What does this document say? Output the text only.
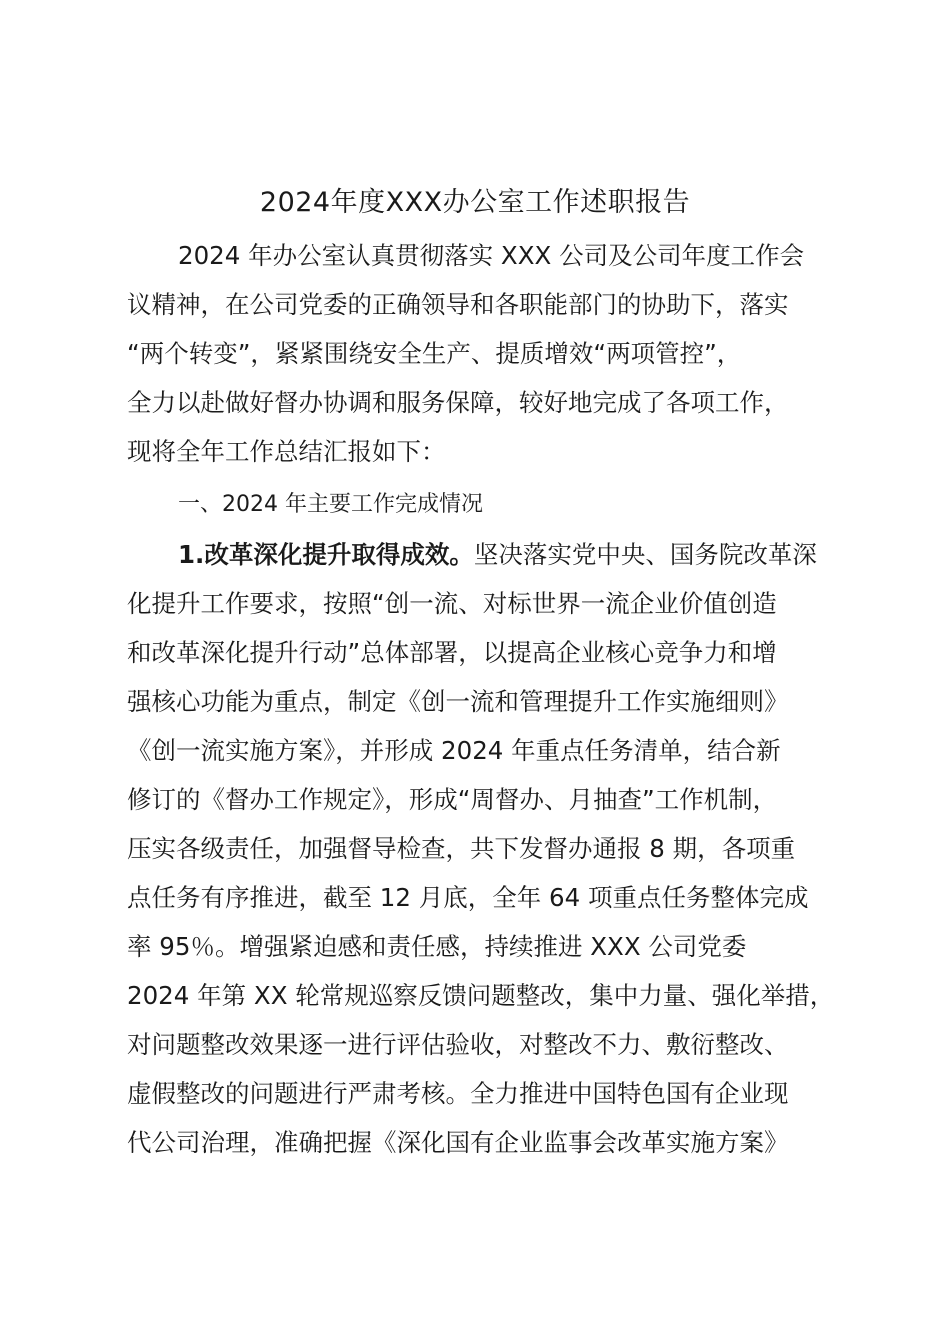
2024年度XXX办公室工作述职报告
2024 年办公室认真贯彻落实 XXX 公司及公司年度工作会
议精神，在公司党委的正确领导和各职能部门的协助下，落实
“两个转变”，紧紧围绕安全生产、提质增效“两项管控”，
全力以赴做好督办协调和服务保障，较好地完成了各项工作，
现将全年工作总结汇报如下：
一、2024 年主要工作完成情况
1.改革深化提升取得成效。坚决落实党中央、国务院改革深
化提升工作要求，按照“创一流、对标世界一流企业价值创造
和改革深化提升行动”总体部署，以提高企业核心竞争力和增
强核心功能为重点，制定《创一流和管理提升工作实施细则》
《创一流实施方案》，并形成 2024 年重点任务清单，结合新
修订的《督办工作规定》，形成“周督办、月抽查”工作机制，
压实各级责任，加强督导检查，共下发督办通报 8 期，各项重
点任务有序推进，截至 12 月底，全年 64 项重点任务整体完成
率 95％。增强紧迫感和责任感，持续推进 XXX 公司党委
2024 年第 XX 轮常规巡察反馈问题整改，集中力量、强化举措，
对问题整改效果逐一进行评估验收，对整改不力、敷衍整改、
虚假整改的问题进行严肃考核。全力推进中国特色国有企业现
代公司治理，准确把握《深化国有企业监事会改革实施方案》
